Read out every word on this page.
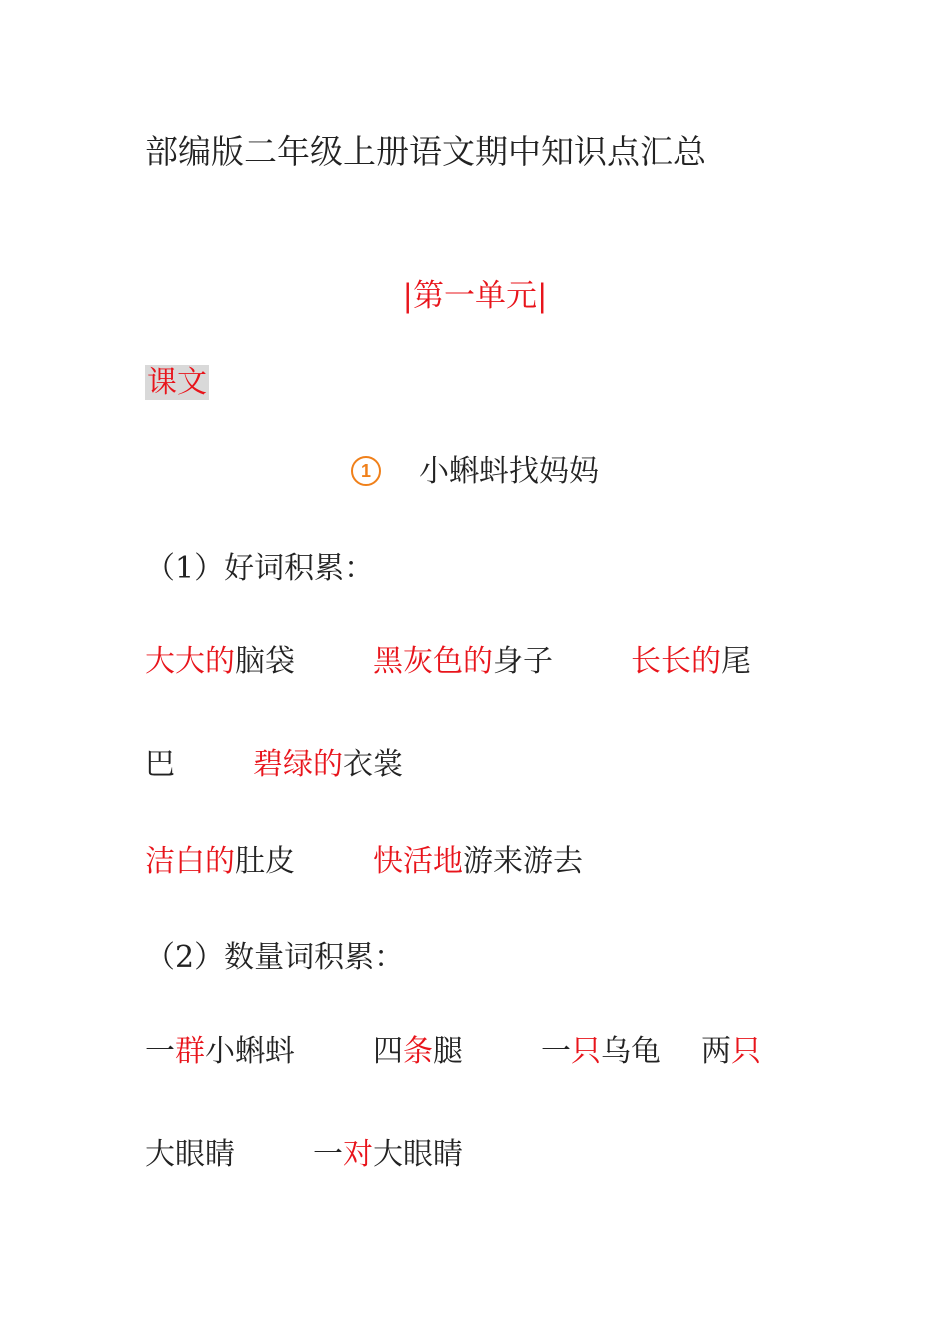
部编版二年级上册语文期中知识点汇总
|第一单元|
课文
1 小蝌蚪找妈妈
（1）好词积累：
大大的脑袋	黑灰色的身子	长长的尾
巴	碧绿的衣裳
洁白的肚皮	快活地游来游去
（2）数量词积累：
一群小蝌蚪	四条腿	一只乌龟 两只
大眼睛	一对大眼睛
